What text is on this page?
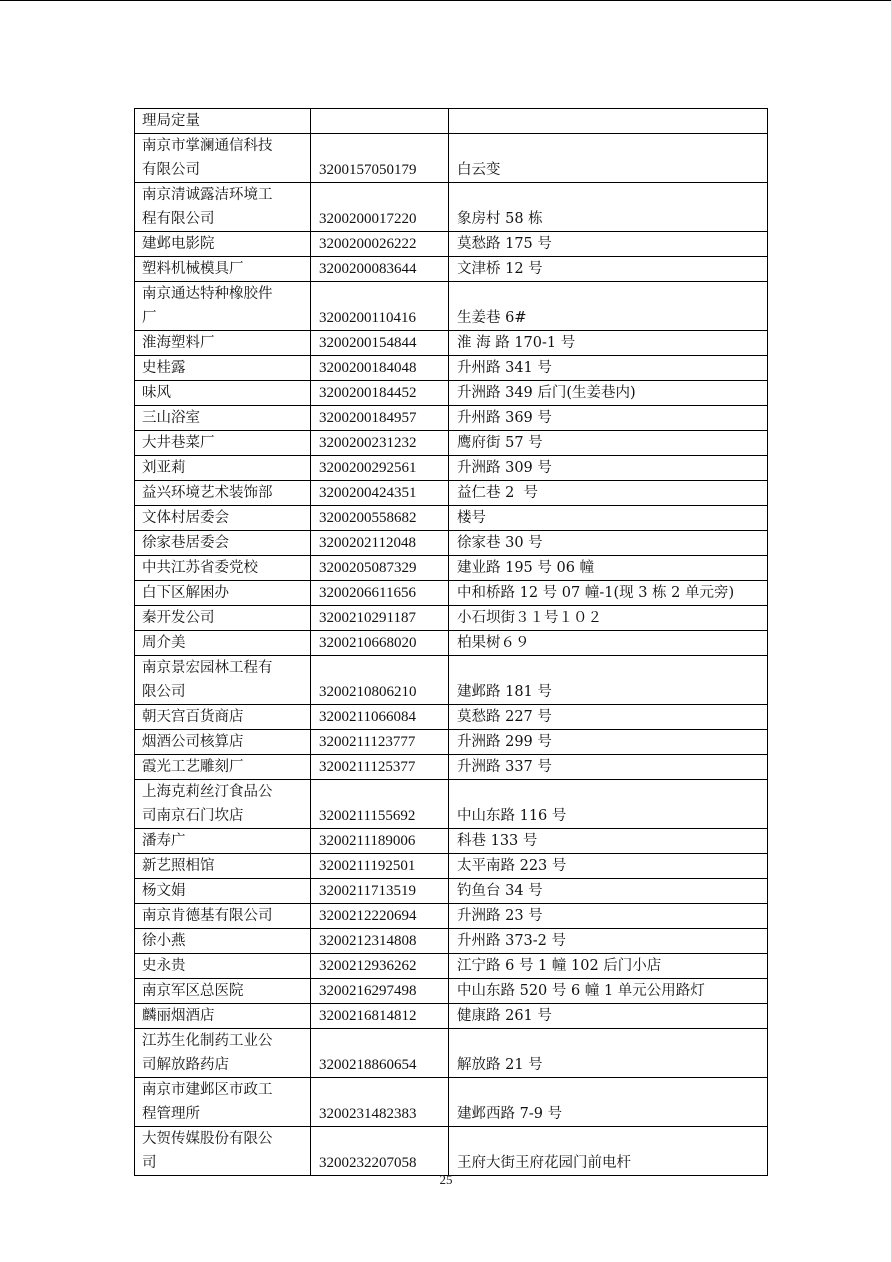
理局定量		
南京市掌澜通信科技
有限公司	3200157050179	白云变
南京清诚露洁环境工
程有限公司	3200200017220	象房村 58 栋
建邺电影院	3200200026222	莫愁路 175 号
塑料机械模具厂	3200200083644	文津桥 12 号
南京通达特种橡胶件
厂	3200200110416	生姜巷 6#
淮海塑料厂	3200200154844	淮 海 路 170-1 号
史桂露	3200200184048	升州路 341 号
味风	3200200184452	升洲路 349 后门(生姜巷内)
三山浴室	3200200184957	升州路 369 号
大井巷菜厂	3200200231232	鹰府街 57 号
刘亚莉	3200200292561	升洲路 309 号
益兴环境艺术装饰部	3200200424351	益仁巷 2  号
文体村居委会	3200200558682	楼号
徐家巷居委会	3200202112048	徐家巷 30 号
中共江苏省委党校	3200205087329	建业路 195 号 06 幢
白下区解困办	3200206611656	中和桥路 12 号 07 幢-1(现 3 栋 2 单元旁)
秦开发公司	3200210291187	小石坝街３１号１０２
周介美	3200210668020	柏果树６９
南京景宏园林工程有
限公司	3200210806210	建邺路 181 号
朝天宫百货商店	3200211066084	莫愁路 227 号
烟酒公司核算店	3200211123777	升洲路 299 号
霞光工艺雕刻厂	3200211125377	升洲路 337 号
上海克莉丝汀食品公
司南京石门坎店	3200211155692	中山东路 116 号
潘寿广	3200211189006	科巷 133 号
新艺照相馆	3200211192501	太平南路 223 号
杨文娟	3200211713519	钓鱼台 34 号
南京肯德基有限公司	3200212220694	升洲路 23 号
徐小燕	3200212314808	升州路 373-2 号
史永贵	3200212936262	江宁路 6 号 1 幢 102 后门小店
南京军区总医院	3200216297498	中山东路 520 号 6 幢 1 单元公用路灯
麟丽烟酒店	3200216814812	健康路 261 号
江苏生化制药工业公
司解放路药店	3200218860654	解放路 21 号
南京市建邺区市政工
程管理所	3200231482383	建邺西路 7-9 号
大贺传媒股份有限公
司	3200232207058	王府大街王府花园门前电杆
25
